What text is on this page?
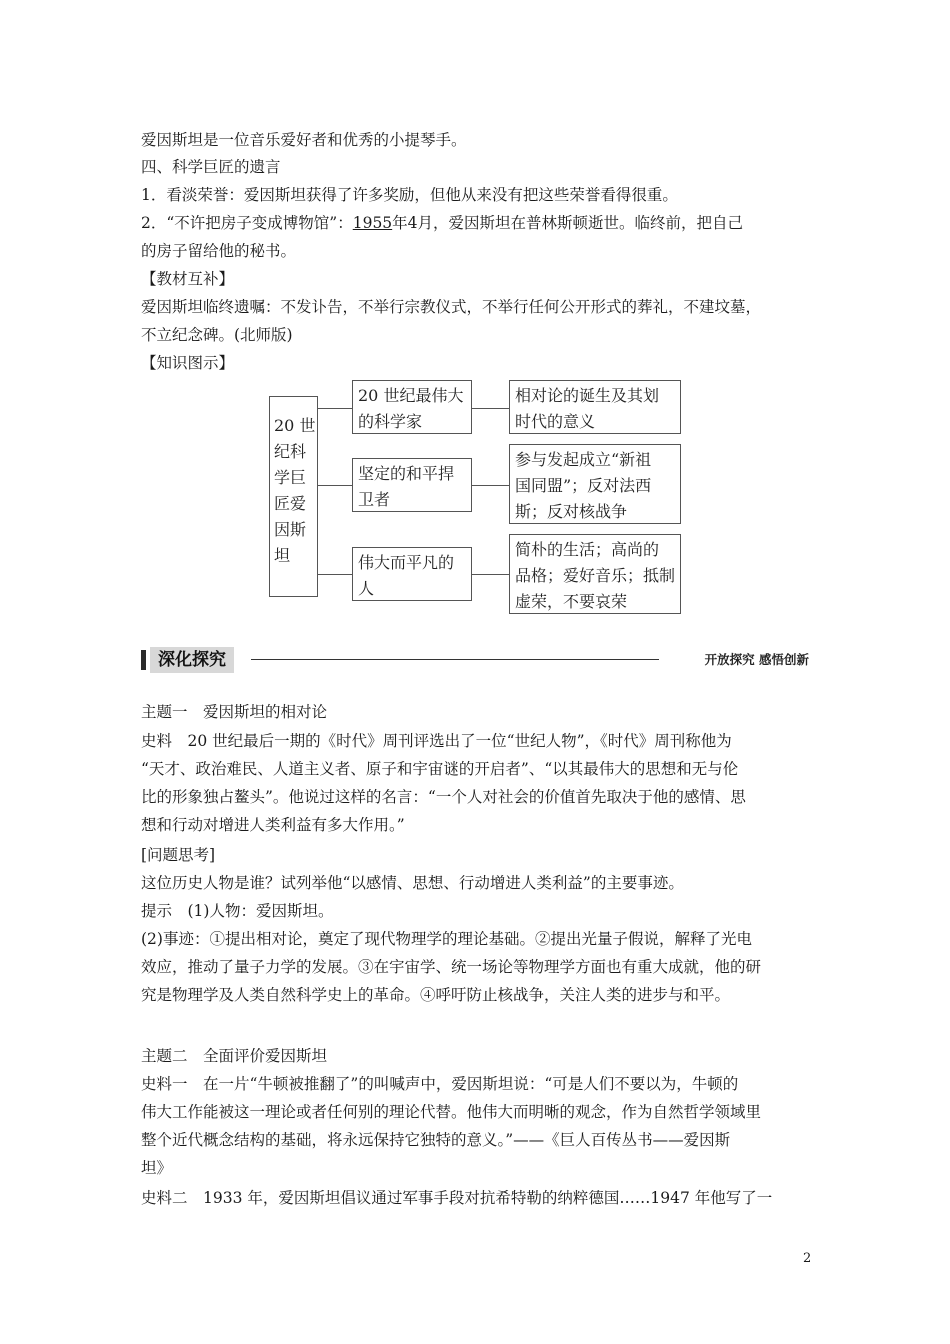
爱因斯坦是一位音乐爱好者和优秀的小提琴手。
四、科学巨匠的遗言
1．看淡荣誉：爱因斯坦获得了许多奖励，但他从来没有把这些荣誉看得很重。
2．“不许把房子变成博物馆”：1955年4月，爱因斯坦在普林斯顿逝世。临终前，把自己
的房子留给他的秘书。
【教材互补】
爱因斯坦临终遗嘱：不发讣告，不举行宗教仪式，不举行任何公开形式的葬礼，不建坟墓，
不立纪念碑。(北师版)
【知识图示】
20 世
纪科
学巨
匠爱
因斯
坦
20 世纪最伟大
的科学家
坚定的和平捍
卫者
伟大而平凡的
人
相对论的诞生及其划
时代的意义
参与发起成立“新祖
国同盟”；反对法西
斯；反对核战争
简朴的生活；高尚的
品格；爱好音乐；抵制
虚荣，不要哀荣
深化探究	开放探究 感悟创新
主题一　爱因斯坦的相对论
史料　20 世纪最后一期的《时代》周刊评选出了一位“世纪人物”，《时代》周刊称他为
“天才、政治难民、人道主义者、原子和宇宙谜的开启者”、“以其最伟大的思想和无与伦
比的形象独占鳌头”。他说过这样的名言：“一个人对社会的价值首先取决于他的感情、思
想和行动对增进人类利益有多大作用。”
[问题思考]
这位历史人物是谁？试列举他“以感情、思想、行动增进人类利益”的主要事迹。
提示　(1)人物：爱因斯坦。
(2)事迹：①提出相对论，奠定了现代物理学的理论基础。②提出光量子假说，解释了光电
效应，推动了量子力学的发展。③在宇宙学、统一场论等物理学方面也有重大成就，他的研
究是物理学及人类自然科学史上的革命。④呼吁防止核战争，关注人类的进步与和平。
主题二　全面评价爱因斯坦
史料一　在一片“牛顿被推翻了”的叫喊声中，爱因斯坦说：“可是人们不要以为，牛顿的
伟大工作能被这一理论或者任何别的理论代替。他伟大而明晰的观念，作为自然哲学领域里
整个近代概念结构的基础，将永远保持它独特的意义。”——《巨人百传丛书——爱因斯
坦》
史料二　1933 年，爱因斯坦倡议通过军事手段对抗希特勒的纳粹德国……1947 年他写了一
2
